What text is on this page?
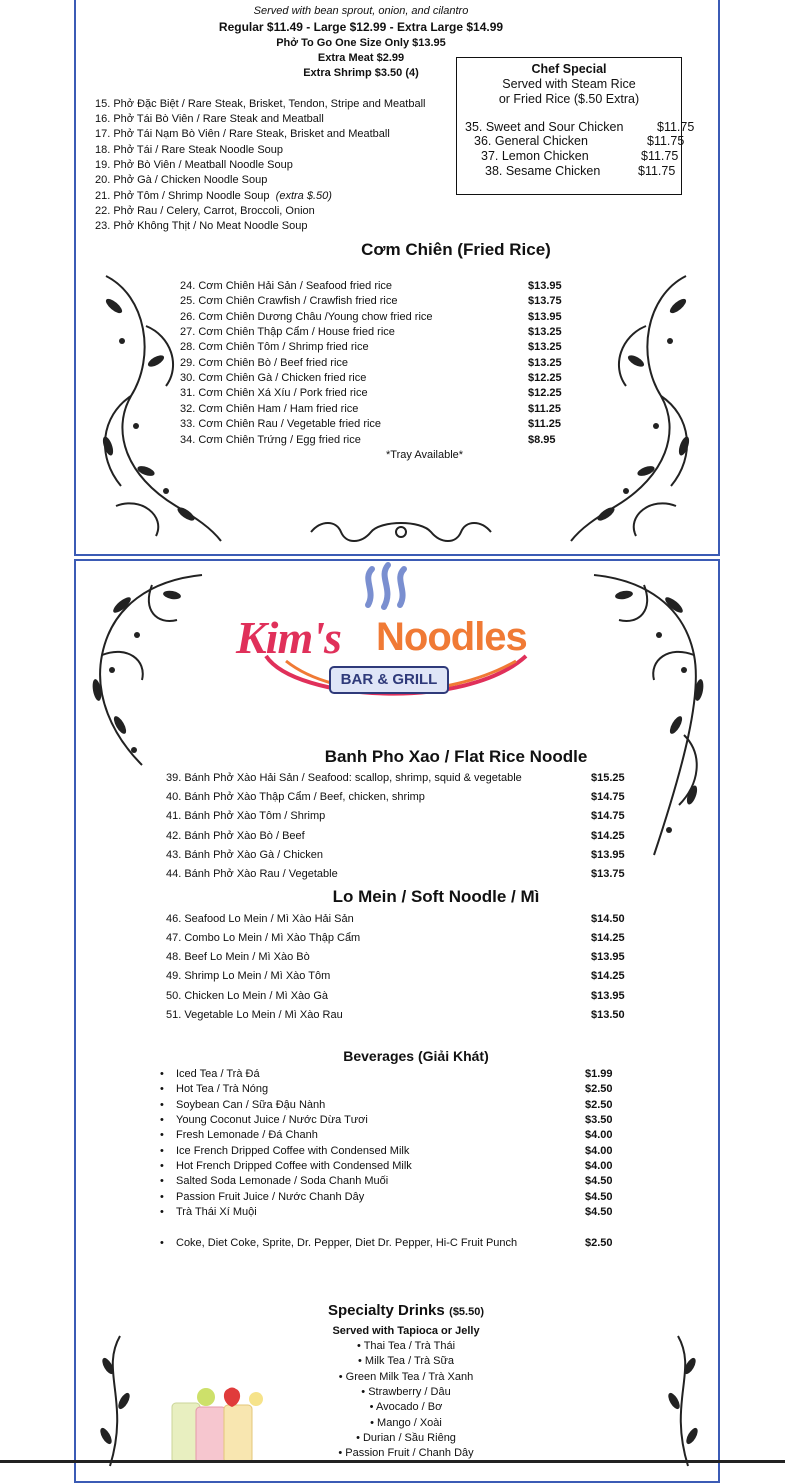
Served with bean sprout, onion, and cilantro

Regular $11.49 - Large $12.99 - Extra Large $14.99

Phở To Go One Size Only $13.95

Extra Meat $2.99

Extra Shrimp $3.50 (4)

15. Phở Đặc Biệt / Rare Steak, Brisket, Tendon, Stripe and Meatball

16. Phở Tái Bò Viên / Rare Steak and Meatball

17. Phở Tái Nạm Bò Viên / Rare Steak, Brisket and Meatball

18. Phở Tái / Rare Steak Noodle Soup

19. Phở Bò Viên / Meatball Noodle Soup

20. Phở Gà / Chicken Noodle Soup

21. Phở Tôm / Shrimp Noodle Soup (extra $.50)

22. Phở Rau / Celery, Carrot, Broccoli, Onion

23. Phở Không Thịt / No Meat Noodle Soup

Chef Special

Served with Steam Rice

or Fried Rice ($.50 Extra)

35. Sweet and Sour Chicken	$11.75

36. General Chicken	$11.75

37. Lemon Chicken	$11.75

38. Sesame Chicken	$11.75

Cơm Chiên (Fried Rice)

24. Cơm Chiên Hải Sản / Seafood fried rice	$13.95
25. Cơm Chiên Crawfish / Crawfish fried rice	$13.75
26. Cơm Chiên Dương Châu /Young chow fried rice	$13.95
27. Cơm Chiên Thập Cẩm / House fried rice	$13.25
28. Cơm Chiên Tôm / Shrimp fried rice	$13.25
29. Cơm Chiên Bò / Beef fried rice	$13.25
30. Cơm Chiên Gà / Chicken fried rice	$12.25
31. Cơm Chiên Xá Xíu / Pork fried rice	$12.25
32. Cơm Chiên Ham / Ham fried rice	$11.25
33. Cơm Chiên Rau / Vegetable fried rice	$11.25
34. Cơm Chiên Trứng / Egg fried rice	$8.95

*Tray Available*

Kim's Noodles
BAR & GRILL

Banh Pho Xao / Flat Rice Noodle

39. Bánh Phở Xào Hải Sản / Seafood: scallop, shrimp, squid & vegetable	$15.25
40. Bánh Phở Xào Thập Cẩm / Beef, chicken, shrimp	$14.75
41. Bánh Phở Xào Tôm / Shrimp	$14.75
42. Bánh Phở Xào Bò / Beef	$14.25
43. Bánh Phở Xào Gà / Chicken	$13.95
44. Bánh Phở Xào Rau / Vegetable	$13.75

Lo Mein / Soft Noodle / Mì

46. Seafood Lo Mein / Mì Xào Hải Sản	$14.50
47. Combo Lo Mein / Mì Xào Thập Cẩm	$14.25
48. Beef Lo Mein / Mì Xào Bò	$13.95
49. Shrimp Lo Mein / Mì Xào Tôm	$14.25
50. Chicken Lo Mein / Mì Xào Gà	$13.95
51. Vegetable Lo Mein / Mì Xào Rau	$13.50

Beverages (Giải Khát)

• Iced Tea / Trà Đá	$1.99
• Hot Tea / Trà Nóng	$2.50
• Soybean Can / Sữa Đậu Nành	$2.50
• Young Coconut Juice / Nước Dừa Tươi	$3.50
• Fresh Lemonade / Đá Chanh	$4.00
• Ice French Dripped Coffee with Condensed Milk	$4.00
• Hot French Dripped Coffee with Condensed Milk	$4.00
• Salted Soda Lemonade / Soda Chanh Muối	$4.50
• Passion Fruit Juice / Nước Chanh Dây	$4.50
• Trà Thái Xí Muội	$4.50
• Coke, Diet Coke, Sprite, Dr. Pepper, Diet Dr. Pepper, Hi-C Fruit Punch	$2.50

Specialty Drinks ($5.50)

Served with Tapioca or Jelly

• Thai Tea / Trà Thái

• Milk Tea / Trà Sữa

• Green Milk Tea / Trà Xanh

• Strawberry / Dâu

• Avocado / Bơ

• Mango / Xoài

• Durian / Sầu Riêng

• Passion Fruit / Chanh Dây
